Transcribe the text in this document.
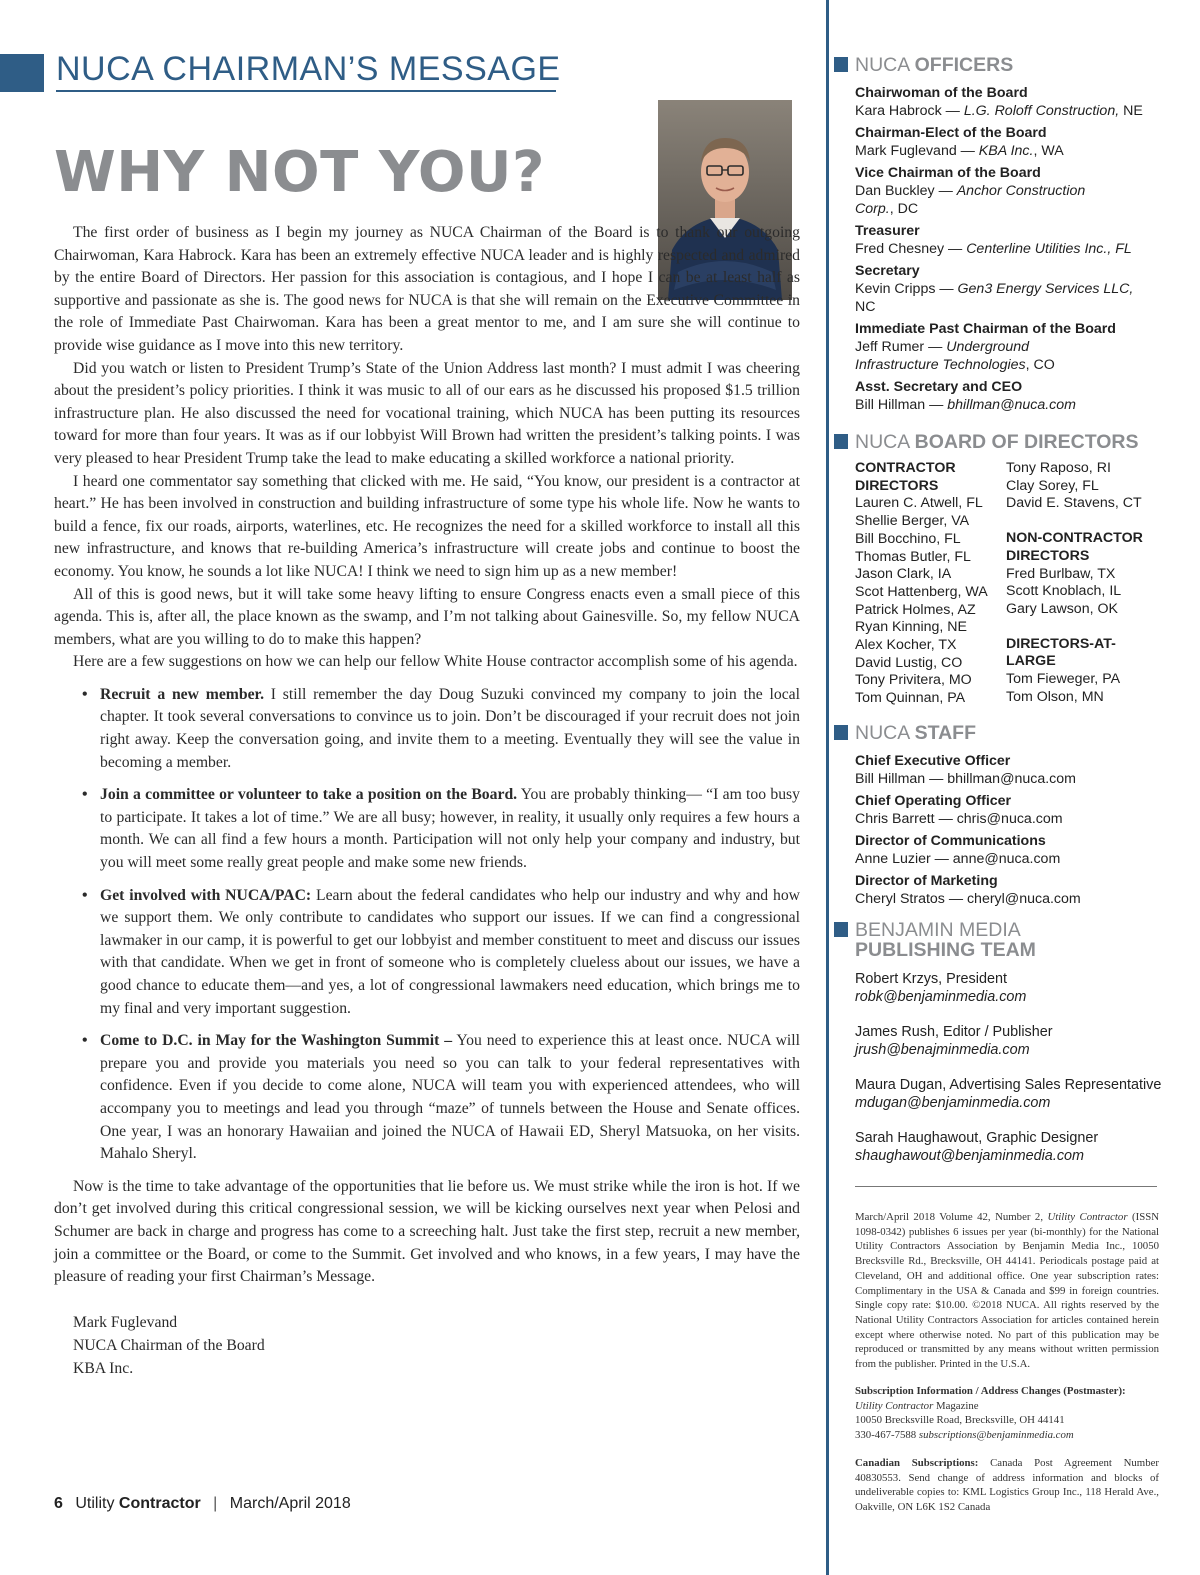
NUCA CHAIRMAN’S MESSAGE
WHY NOT YOU?

The first order of business as I begin my journey as NUCA Chairman of the Board is to thank our outgoing Chairwoman, Kara Habrock. Kara has been an extremely effective NUCA leader and is highly respected and admired by the entire Board of Directors. Her passion for this association is contagious, and I hope I can be at least half as supportive and passionate as she is. The good news for NUCA is that she will remain on the Executive Committee in the role of Immediate Past Chairwoman. Kara has been a great mentor to me, and I am sure she will continue to provide wise guidance as I move into this new territory.

Did you watch or listen to President Trump’s State of the Union Address last month? I must admit I was cheering about the president’s policy priorities. I think it was music to all of our ears as he discussed his proposed $1.5 trillion infrastructure plan. He also discussed the need for vocational training, which NUCA has been putting its resources toward for more than four years. It was as if our lobbyist Will Brown had written the president’s talking points. I was very pleased to hear President Trump take the lead to make educating a skilled workforce a national priority.

I heard one commentator say something that clicked with me. He said, “You know, our president is a contractor at heart.” He has been involved in construction and building infrastructure of some type his whole life. Now he wants to build a fence, fix our roads, airports, waterlines, etc. He recognizes the need for a skilled workforce to install all this new infrastructure, and knows that re-building America’s infrastructure will create jobs and continue to boost the economy. You know, he sounds a lot like NUCA! I think we need to sign him up as a new member!

All of this is good news, but it will take some heavy lifting to ensure Congress enacts even a small piece of this agenda. This is, after all, the place known as the swamp, and I’m not talking about Gainesville. So, my fellow NUCA members, what are you willing to do to make this happen?

Here are a few suggestions on how we can help our fellow White House contractor accomplish some of his agenda.

• Recruit a new member. I still remember the day Doug Suzuki convinced my company to join the local chapter. It took several conversations to convince us to join. Don’t be discouraged if your recruit does not join right away. Keep the conversation going, and invite them to a meeting. Eventually they will see the value in becoming a member.
• Join a committee or volunteer to take a position on the Board. You are probably thinking— “I am too busy to participate. It takes a lot of time.” We are all busy; however, in reality, it usually only requires a few hours a month. We can all find a few hours a month. Participation will not only help your company and industry, but you will meet some really great people and make some new friends.
• Get involved with NUCA/PAC: Learn about the federal candidates who help our industry and why and how we support them. We only contribute to candidates who support our issues. If we can find a congressional lawmaker in our camp, it is powerful to get our lobbyist and member constituent to meet and discuss our issues with that candidate. When we get in front of someone who is completely clueless about our issues, we have a good chance to educate them—and yes, a lot of congressional lawmakers need education, which brings me to my final and very important suggestion.
• Come to D.C. in May for the Washington Summit – You need to experience this at least once. NUCA will prepare you and provide you materials you need so you can talk to your federal representatives with confidence. Even if you decide to come alone, NUCA will team you with experienced attendees, who will accompany you to meetings and lead you through “maze” of tunnels between the House and Senate offices. One year, I was an honorary Hawaiian and joined the NUCA of Hawaii ED, Sheryl Matsuoka, on her visits. Mahalo Sheryl.

Now is the time to take advantage of the opportunities that lie before us. We must strike while the iron is hot. If we don’t get involved during this critical congressional session, we will be kicking ourselves next year when Pelosi and Schumer are back in charge and progress has come to a screeching halt. Just take the first step, recruit a new member, join a committee or the Board, or come to the Summit. Get involved and who knows, in a few years, I may have the pleasure of reading your first Chairman’s Message.

Mark Fuglevand
NUCA Chairman of the Board
KBA Inc.
6 Utility Contractor | March/April 2018
NUCA OFFICERS
Chairwoman of the Board
Kara Habrock — L.G. Roloff Construction, NE
Chairman-Elect of the Board
Mark Fuglevand — KBA Inc., WA
Vice Chairman of the Board
Dan Buckley — Anchor Construction Corp., DC
Treasurer
Fred Chesney — Centerline Utilities Inc., FL
Secretary
Kevin Cripps — Gen3 Energy Services LLC, NC
Immediate Past Chairman of the Board
Jeff Rumer — Underground Infrastructure Technologies, CO
Asst. Secretary and CEO
Bill Hillman — bhillman@nuca.com
NUCA BOARD OF DIRECTORS
CONTRACTOR DIRECTORS
Lauren C. Atwell, FL
Shellie Berger, VA
Bill Bocchino, FL
Thomas Butler, FL
Jason Clark, IA
Scot Hattenberg, WA
Patrick Holmes, AZ
Ryan Kinning, NE
Alex Kocher, TX
David Lustig, CO
Tony Privitera, MO
Tom Quinnan, PA
Tony Raposo, RI
Clay Sorey, FL
David E. Stavens, CT
NON-CONTRACTOR DIRECTORS
Fred Burlbaw, TX
Scott Knoblach, IL
Gary Lawson, OK
DIRECTORS-AT-LARGE
Tom Fieweger, PA
Tom Olson, MN
NUCA STAFF
Chief Executive Officer
Bill Hillman — bhillman@nuca.com
Chief Operating Officer
Chris Barrett — chris@nuca.com
Director of Communications
Anne Luzier — anne@nuca.com
Director of Marketing
Cheryl Stratos — cheryl@nuca.com
BENJAMIN MEDIA
PUBLISHING TEAM
Robert Krzys, President
robk@benjaminmedia.com
James Rush, Editor / Publisher
jrush@benajminmedia.com
Maura Dugan, Advertising Sales Representative
mdugan@benjaminmedia.com
Sarah Haughawout, Graphic Designer
shaughawout@benjaminmedia.com
March/April 2018 Volume 42, Number 2, Utility Contractor (ISSN 1098-0342) publishes 6 issues per year (bi-monthly) for the National Utility Contractors Association by Benjamin Media Inc., 10050 Brecksville Rd., Brecksville, OH 44141. Periodicals postage paid at Cleveland, OH and additional office. One year subscription rates: Complimentary in the USA & Canada and $99 in foreign countries. Single copy rate: $10.00. ©2018 NUCA. All rights reserved by the National Utility Contractors Association for articles contained herein except where otherwise noted. No part of this publication may be reproduced or transmitted by any means without written permission from the publisher. Printed in the U.S.A.
Subscription Information / Address Changes (Postmaster):
Utility Contractor Magazine
10050 Brecksville Road, Brecksville, OH 44141
330-467-7588 subscriptions@benjaminmedia.com
Canadian Subscriptions: Canada Post Agreement Number 40830553. Send change of address information and blocks of undeliverable copies to: KML Logistics Group Inc., 118 Herald Ave., Oakville, ON L6K 1S2 Canada
